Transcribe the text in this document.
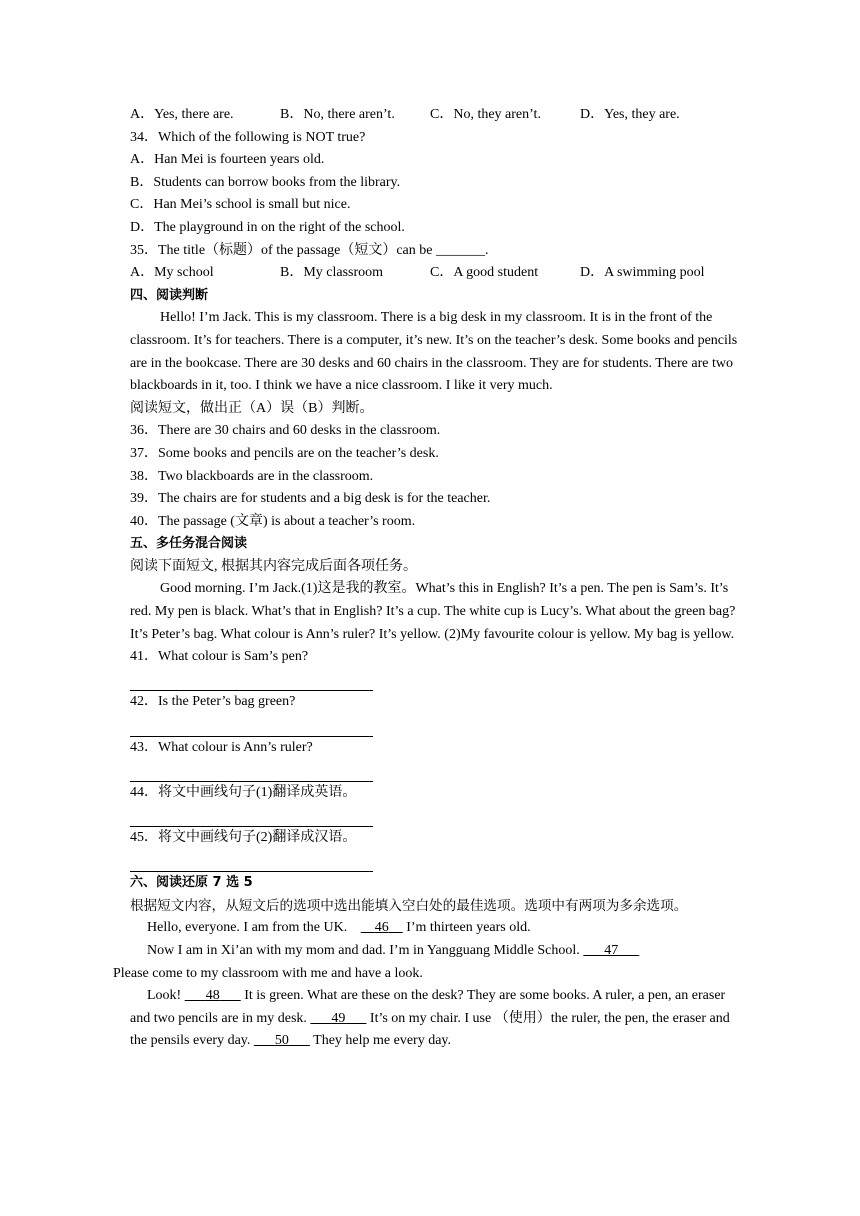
A．Yes, there are.	B．No, there aren’t.	C．No, they aren’t.	D．Yes, they are.
34．Which of the following is NOT true?
A．Han Mei is fourteen years old.
B．Students can borrow books from the library.
C．Han Mei’s school is small but nice.
D．The playground in on the right of the school.
35．The title（标题）of the passage（短文）can be _______.
A．My school	B．My classroom	C．A good student	D．A swimming pool
四、阅读判断
Hello! I’m Jack. This is my classroom. There is a big desk in my classroom. It is in the front of the classroom. It’s for teachers. There is a computer, it’s new. It’s on the teacher’s desk. Some books and pencils are in the bookcase. There are 30 desks and 60 chairs in the classroom. They are for students. There are two blackboards in it, too. I think we have a nice classroom. I like it very much.
阅读短文，做出正（A）误（B）判断。
36．There are 30 chairs and 60 desks in the classroom.
37．Some books and pencils are on the teacher’s desk.
38．Two blackboards are in the classroom.
39．The chairs are for students and a big desk is for the teacher.
40．The passage (文章) is about a teacher’s room.
五、多任务混合阅读
阅读下面短文, 根据其内容完成后面各项任务。
Good morning. I’m Jack.(1)这是我的教室。What’s this in English? It’s a pen. The pen is Sam’s. It’s red. My pen is black. What’s that in English? It’s a cup. The white cup is Lucy’s. What about the green bag? It’s Peter’s bag. What colour is Ann’s ruler? It’s yellow. (2)My favourite colour is yellow. My bag is yellow.
41．What colour is Sam’s pen?
42．Is the Peter’s bag green?
43．What colour is Ann’s ruler?
44．将文中画线句子(1)翻译成英语。
45．将文中画线句子(2)翻译成汉语。
六、阅读还原 7 选 5
根据短文内容，从短文后的选项中选出能填入空白处的最佳选项。选项中有两项为多余选项。
Hello, everyone. I am from the UK.  46  I’m thirteen years old.
Now I am in Xi’an with my mom and dad. I’m in Yangguang Middle School.   47  
Please come to my classroom with me and have a look.
Look!   48   It is green. What are these on the desk? They are some books. A ruler, a pen, an eraser and two pencils are in my desk.   49   It’s on my chair. I use （使用）the ruler, the pen, the eraser and the pensils every day.   50   They help me every day.
